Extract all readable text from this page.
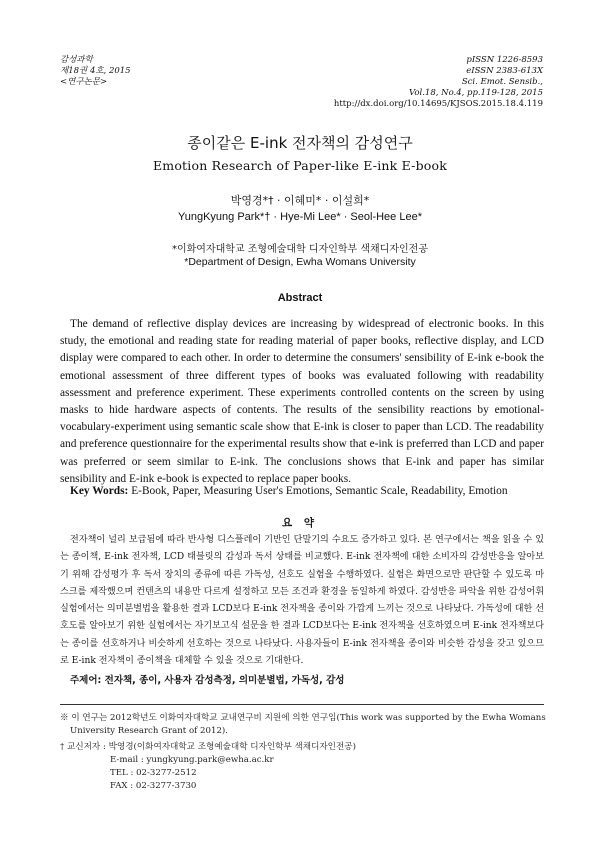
감성과학
제18권 4호, 2015
<연구논문>
pISSN 1226-8593
eISSN 2383-613X
Sci. Emot. Sensib.,
Vol.18, No.4, pp.119-128, 2015
http://dx.doi.org/10.14695/KJSOS.2015.18.4.119
종이같은 E-ink 전자책의 감성연구
Emotion Research of Paper-like E-ink E-book
박영경*† · 이혜미* · 이설희*
YungKyung Park*† · Hye-Mi Lee* · Seol-Hee Lee*
*이화여자대학교 조형예술대학 디자인학부 색채디자인전공
*Department of Design, Ewha Womans University
Abstract

The demand of reflective display devices are increasing by widespread of electronic books. In this study, the emotional and reading state for reading material of paper books, reflective display, and LCD display were compared to each other. In order to determine the consumers' sensibility of E-ink e-book the emotional assessment of three different types of books was evaluated following with readability assessment and preference experiment. These experiments controlled contents on the screen by using masks to hide hardware aspects of contents. The results of the sensibility reactions by emotional-vocabulary-experiment using semantic scale show that E-ink is closer to paper than LCD. The readability and preference questionnaire for the experimental results show that e-ink is preferred than LCD and paper was preferred or seem similar to E-ink. The conclusions shows that E-ink and paper has similar sensibility and E-ink e-book is expected to replace paper books.

Key Words: E-Book, Paper, Measuring User's Emotions, Semantic Scale, Readability, Emotion
요 약

전자책이 널리 보급됨에 따라 반사형 디스플레이 기반인 단말기의 수요도 증가하고 있다. 본 연구에서는 책을 읽을 수 있는 종이책, E-ink 전자책, LCD 태블릿의 감성과 독서 상태를 비교했다. E-ink 전자책에 대한 소비자의 감성반응을 알아보기 위해 감성평가 후 독서 장치의 종류에 따른 가독성, 선호도 실험을 수행하였다. 실험은 화면으로만 판단할 수 있도록 마스크를 제작했으며 컨텐츠의 내용만 다르게 설정하고 모든 조건과 환경을 동일하게 하였다. 감성반응 파악을 위한 감성어휘 실험에서는 의미분별법을 활용한 결과 LCD보다 E-ink 전자책을 종이와 가깝게 느끼는 것으로 나타났다. 가독성에 대한 선호도를 알아보기 위한 실험에서는 자기보고식 설문을 한 결과 LCD보다는 E-ink 전자책을 선호하였으며 E-ink 전자책보다는 종이를 선호하거나 비슷하게 선호하는 것으로 나타났다. 사용자들이 E-ink 전자책을 종이와 비슷한 감성을 갖고 있으므로 E-ink 전자책이 종이책을 대체할 수 있을 것으로 기대한다.

주제어: 전자책, 종이, 사용자 감성측정, 의미분별법, 가독성, 감성
※ 이 연구는 2012학년도 이화여자대학교 교내연구비 지원에 의한 연구임(This work was supported by the Ewha Womans
University Research Grant of 2012).
† 교신저자 : 박영경(이화여자대학교 조형예술대학 디자인학부 색채디자인전공)
E-mail : yungkyung.park@ewha.ac.kr
TEL : 02-3277-2512
FAX : 02-3277-3730
